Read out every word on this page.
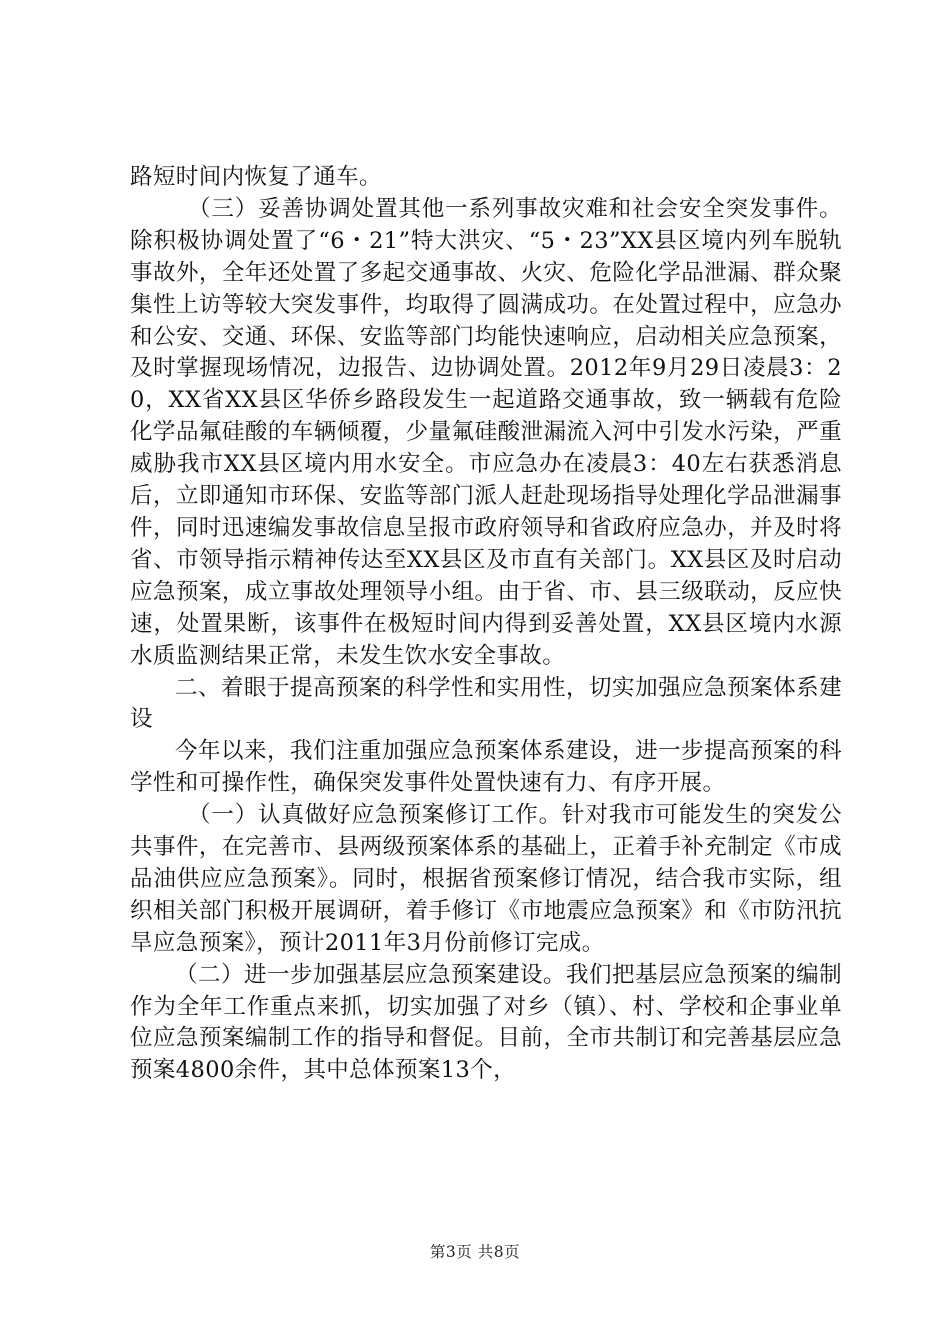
路短时间内恢复了通车。

（三）妥善协调处置其他一系列事故灾难和社会安全突发事件。除积极协调处置了“6・21”特大洪灾、“5・23”XX县区境内列车脱轨事故外，全年还处置了多起交通事故、火灾、危险化学品泄漏、群众聚集性上访等较大突发事件，均取得了圆满成功。在处置过程中，应急办和公安、交通、环保、安监等部门均能快速响应，启动相关应急预案，及时掌握现场情况，边报告、边协调处置。2012年9月29日凌晨3：20，XX省XX县区华侨乡路段发生一起道路交通事故，致一辆载有危险化学品氟硅酸的车辆倾覆，少量氟硅酸泄漏流入河中引发水污染，严重威胁我市XX县区境内用水安全。市应急办在凌晨3：40左右获悉消息后，立即通知市环保、安监等部门派人赶赴现场指导处理化学品泄漏事件，同时迅速编发事故信息呈报市政府领导和省政府应急办，并及时将省、市领导指示精神传达至XX县区及市直有关部门。XX县区及时启动应急预案，成立事故处理领导小组。由于省、市、县三级联动，反应快速，处置果断，该事件在极短时间内得到妥善处置，XX县区境内水源水质监测结果正常，未发生饮水安全事故。

二、着眼于提高预案的科学性和实用性，切实加强应急预案体系建设

今年以来，我们注重加强应急预案体系建设，进一步提高预案的科学性和可操作性，确保突发事件处置快速有力、有序开展。

（一）认真做好应急预案修订工作。针对我市可能发生的突发公共事件，在完善市、县两级预案体系的基础上，正着手补充制定《市成品油供应应急预案》。同时，根据省预案修订情况，结合我市实际，组织相关部门积极开展调研，着手修订《市地震应急预案》和《市防汛抗旱应急预案》，预计2011年3月份前修订完成。

（二）进一步加强基层应急预案建设。我们把基层应急预案的编制作为全年工作重点来抓，切实加强了对乡（镇）、村、学校和企事业单位应急预案编制工作的指导和督促。目前，全市共制订和完善基层应急预案4800余件，其中总体预案13个，

第3页 共8页
